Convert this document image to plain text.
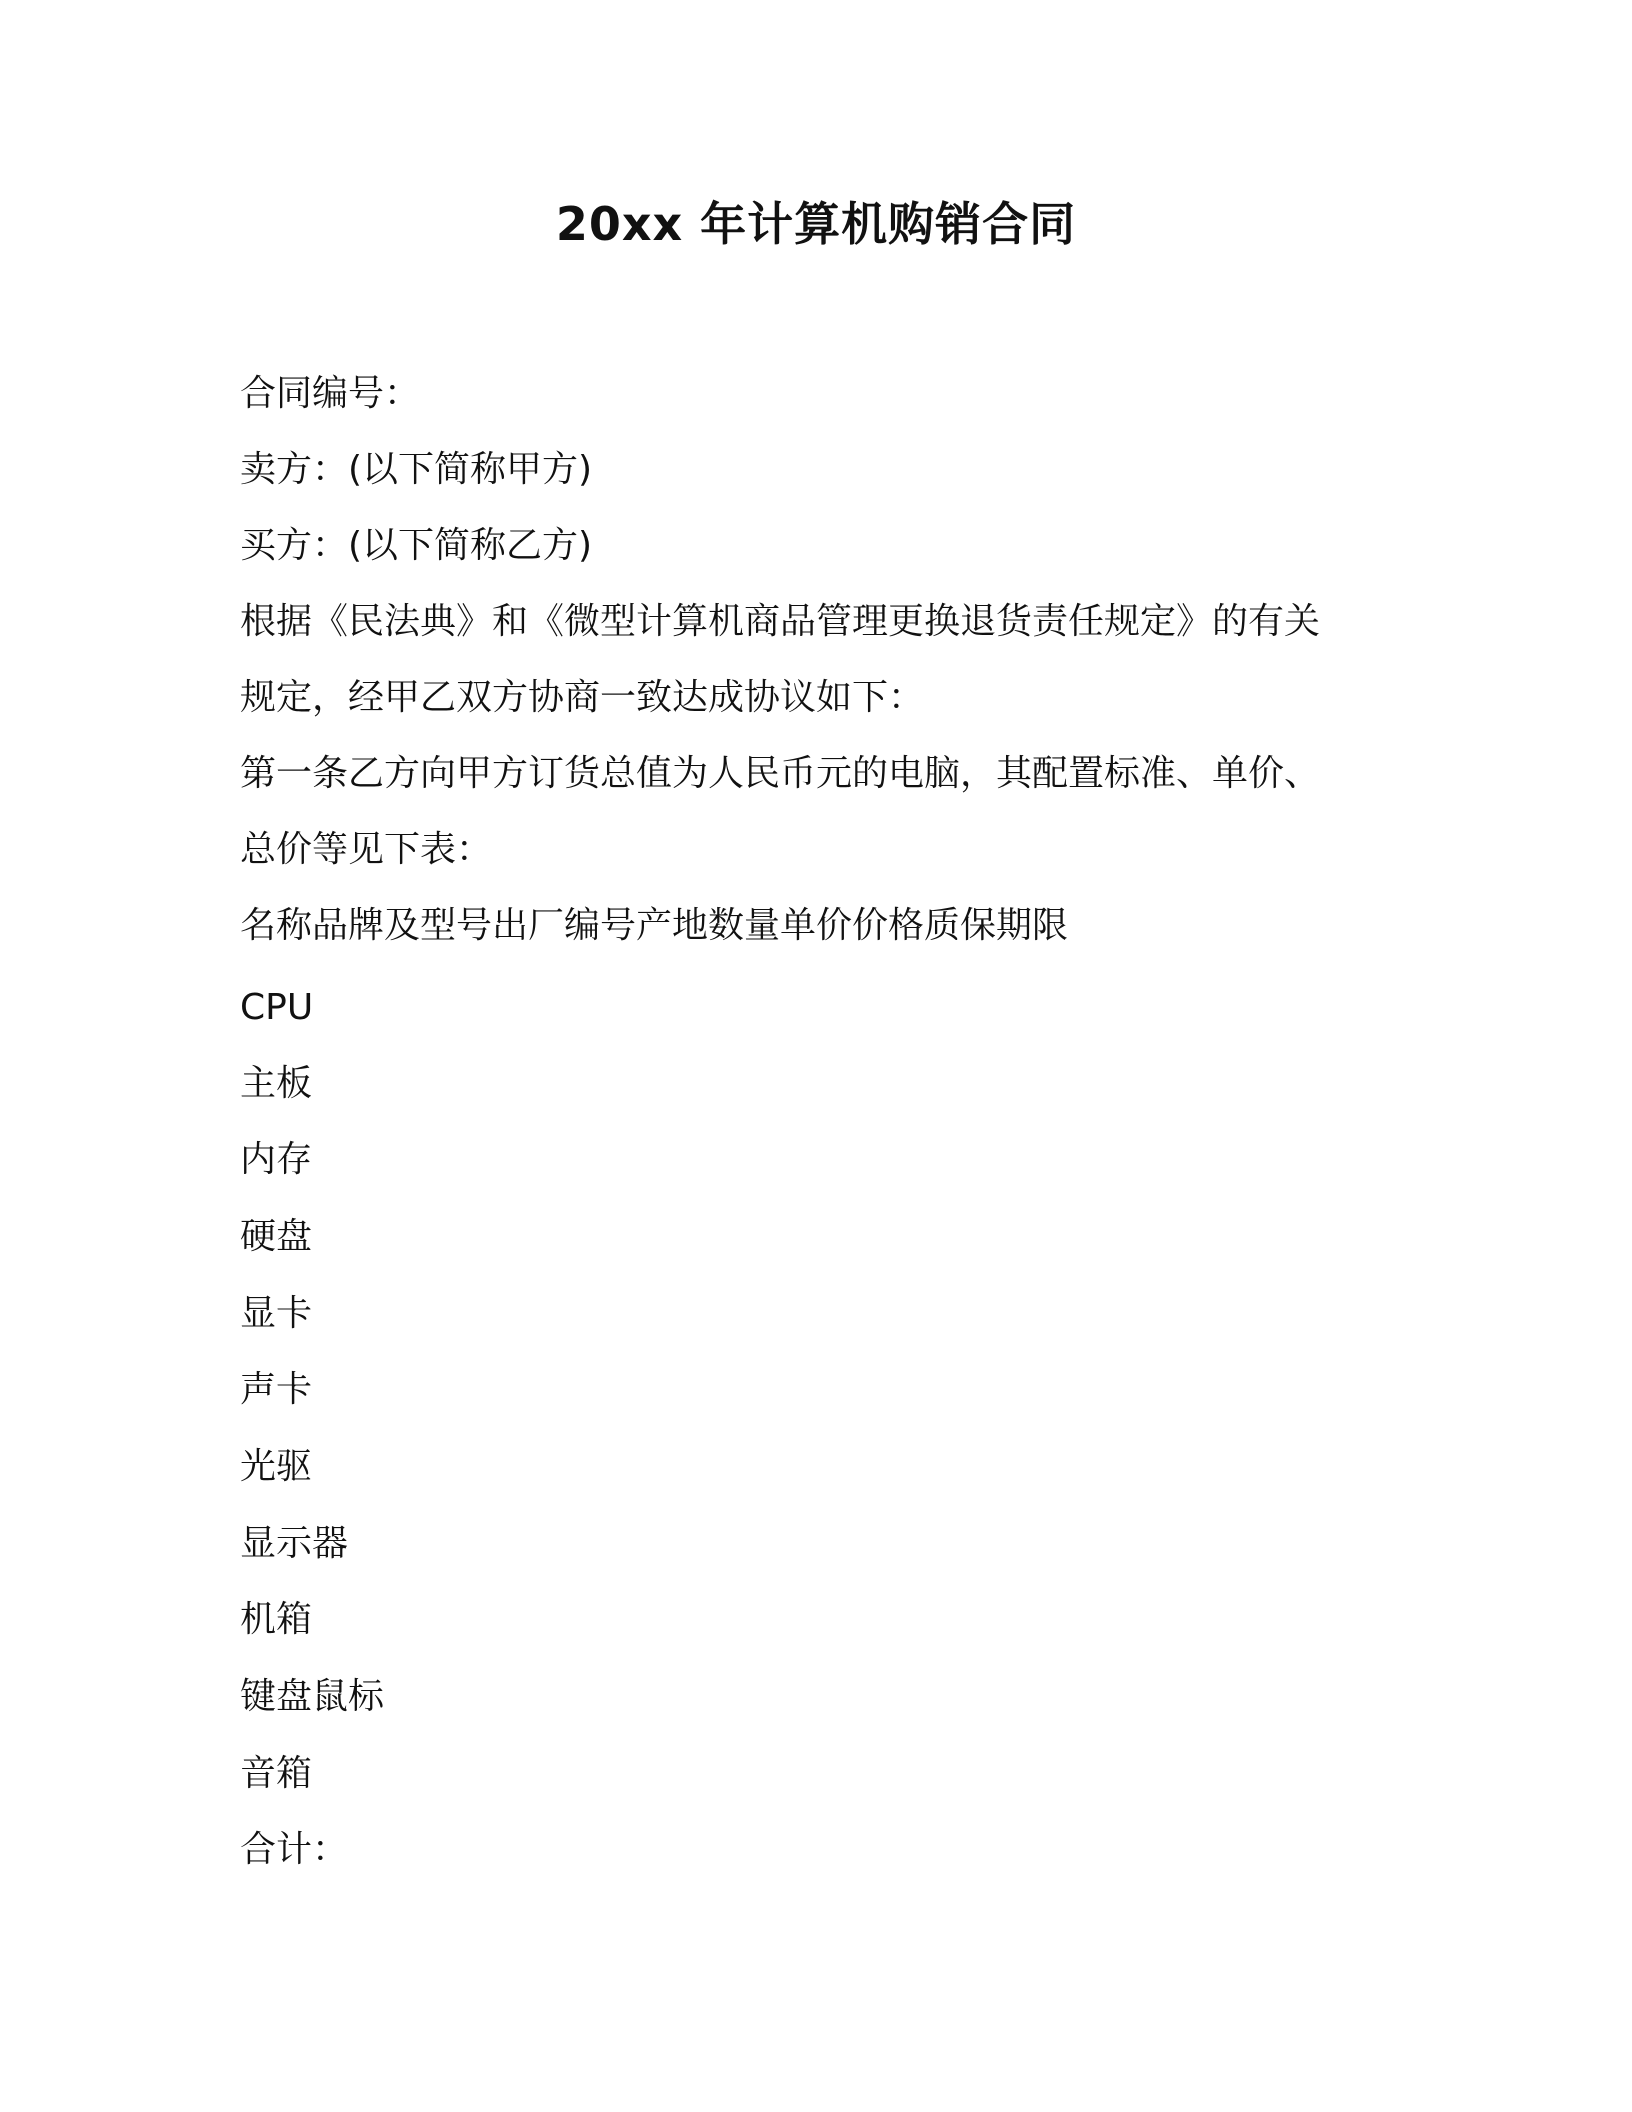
20xx 年计算机购销合同
合同编号：
卖方：(以下简称甲方)
买方：(以下简称乙方)
根据《民法典》和《微型计算机商品管理更换退货责任规定》的有关
规定，经甲乙双方协商一致达成协议如下：
第一条乙方向甲方订货总值为人民币元的电脑，其配置标准、单价、
总价等见下表：
名称品牌及型号出厂编号产地数量单价价格质保期限
CPU
主板
内存
硬盘
显卡
声卡
光驱
显示器
机箱
键盘鼠标
音箱
合计：
